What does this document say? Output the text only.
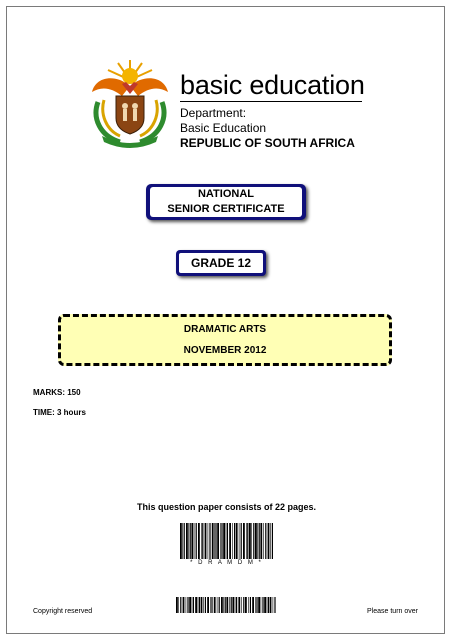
basic education
Department:
Basic Education
REPUBLIC OF SOUTH AFRICA
NATIONAL
SENIOR CERTIFICATE
GRADE 12
DRAMATIC ARTS
NOVEMBER 2012
MARKS: 150
TIME: 3 hours
This question paper consists of 22 pages.
* D R A M D M *
Copyright reserved	Please turn over
